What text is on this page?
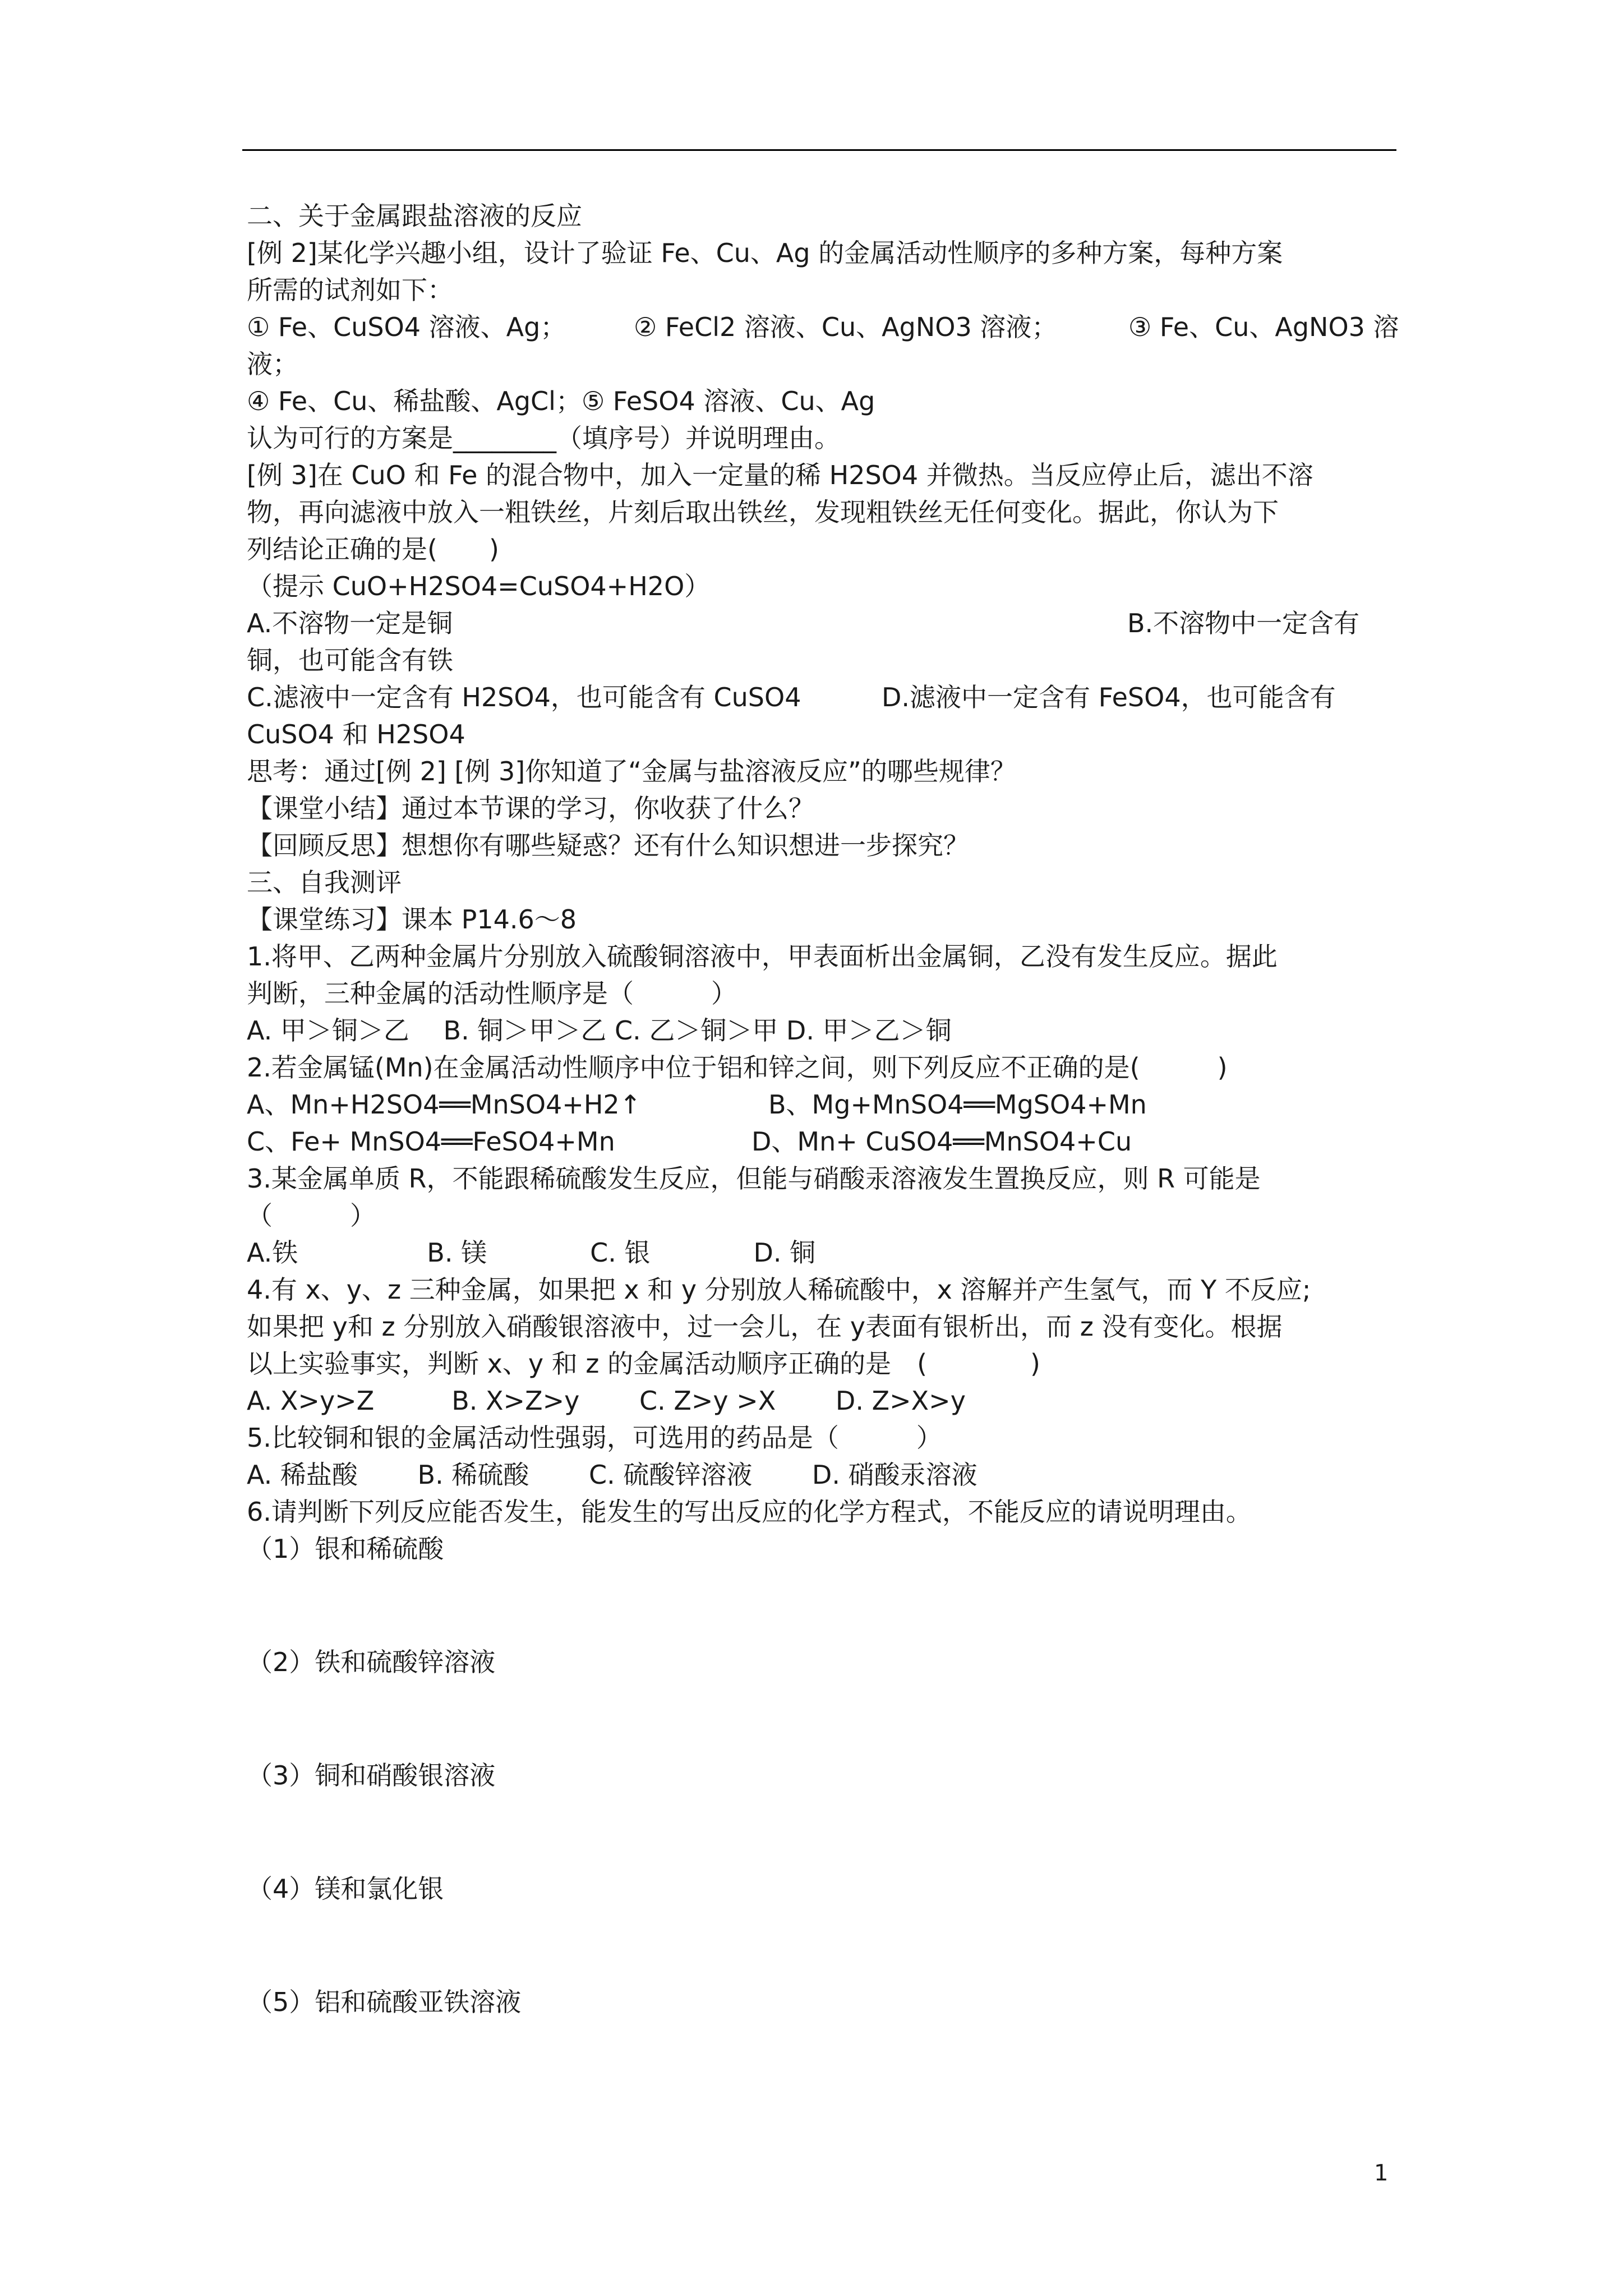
二、关于金属跟盐溶液的反应
[例 2]某化学兴趣小组，设计了验证 Fe、Cu、Ag 的金属活动性顺序的多种方案，每种方案
所需的试剂如下：
① Fe、CuSO4 溶液、Ag；	② FeCl2 溶液、Cu、AgNO3 溶液；	③ Fe、Cu、AgNO3 溶
液；
④ Fe、Cu、稀盐酸、AgCl；⑤ FeSO4 溶液、Cu、Ag
认为可行的方案是________（填序号）并说明理由。
[例 3]在 CuO 和 Fe 的混合物中，加入一定量的稀 H2SO4 并微热。当反应停止后，滤出不溶
物，再向滤液中放入一粗铁丝，片刻后取出铁丝，发现粗铁丝无任何变化。据此，你认为下
列结论正确的是(　　)
（提示 CuO+H2SO4=CuSO4+H2O）
A.不溶物一定是铜	B.不溶物中一定含有
铜，也可能含有铁
C.滤液中一定含有 H2SO4，也可能含有 CuSO4	D.滤液中一定含有 FeSO4，也可能含有
CuSO4 和 H2SO4
思考：通过[例 2] [例 3]你知道了“金属与盐溶液反应”的哪些规律？
【课堂小结】通过本节课的学习，你收获了什么？
【回顾反思】想想你有哪些疑惑？还有什么知识想进一步探究？
三、自我测评
【课堂练习】课本 P14.6～8
1.将甲、乙两种金属片分别放入硫酸铜溶液中，甲表面析出金属铜，乙没有发生反应。据此
判断，三种金属的活动性顺序是（　　　）
A. 甲＞铜＞乙　 B. 铜＞甲＞乙 C. 乙＞铜＞甲 D. 甲＞乙＞铜
2.若金属锰(Mn)在金属活动性顺序中位于铝和锌之间，则下列反应不正确的是(　　　)
A、Mn+H2SO4══MnSO4+H2↑	B、Mg+MnSO4══MgSO4+Mn
C、Fe+ MnSO4══FeSO4+Mn	D、Mn+ CuSO4══MnSO4+Cu
3.某金属单质 R，不能跟稀硫酸发生反应，但能与硝酸汞溶液发生置换反应，则 R 可能是
（　　　）
A.铁　　　　　B. 镁　　　　C. 银　　　　D. 铜
4.有 x、y、z 三种金属，如果把 x 和 y 分别放人稀硫酸中，x 溶解并产生氢气，而 Y 不反应;
如果把 y和 z 分别放入硝酸银溶液中，过一会儿，在 y表面有银析出，而 z 没有变化。根据
以上实验事实，判断 x、y 和 z 的金属活动顺序正确的是　(　　　　)
A. X>y>Z　　　B. X>Z>y　　 C. Z>y >X　　 D. Z>X>y
5.比较铜和银的金属活动性强弱，可选用的药品是（　　　）
A. 稀盐酸　　 B. 稀硫酸　　 C. 硫酸锌溶液　　 D. 硝酸汞溶液
6.请判断下列反应能否发生，能发生的写出反应的化学方程式，不能反应的请说明理由。
（1）银和稀硫酸
（2）铁和硫酸锌溶液
（3）铜和硝酸银溶液
（4）镁和氯化银
（5）铝和硫酸亚铁溶液
1
